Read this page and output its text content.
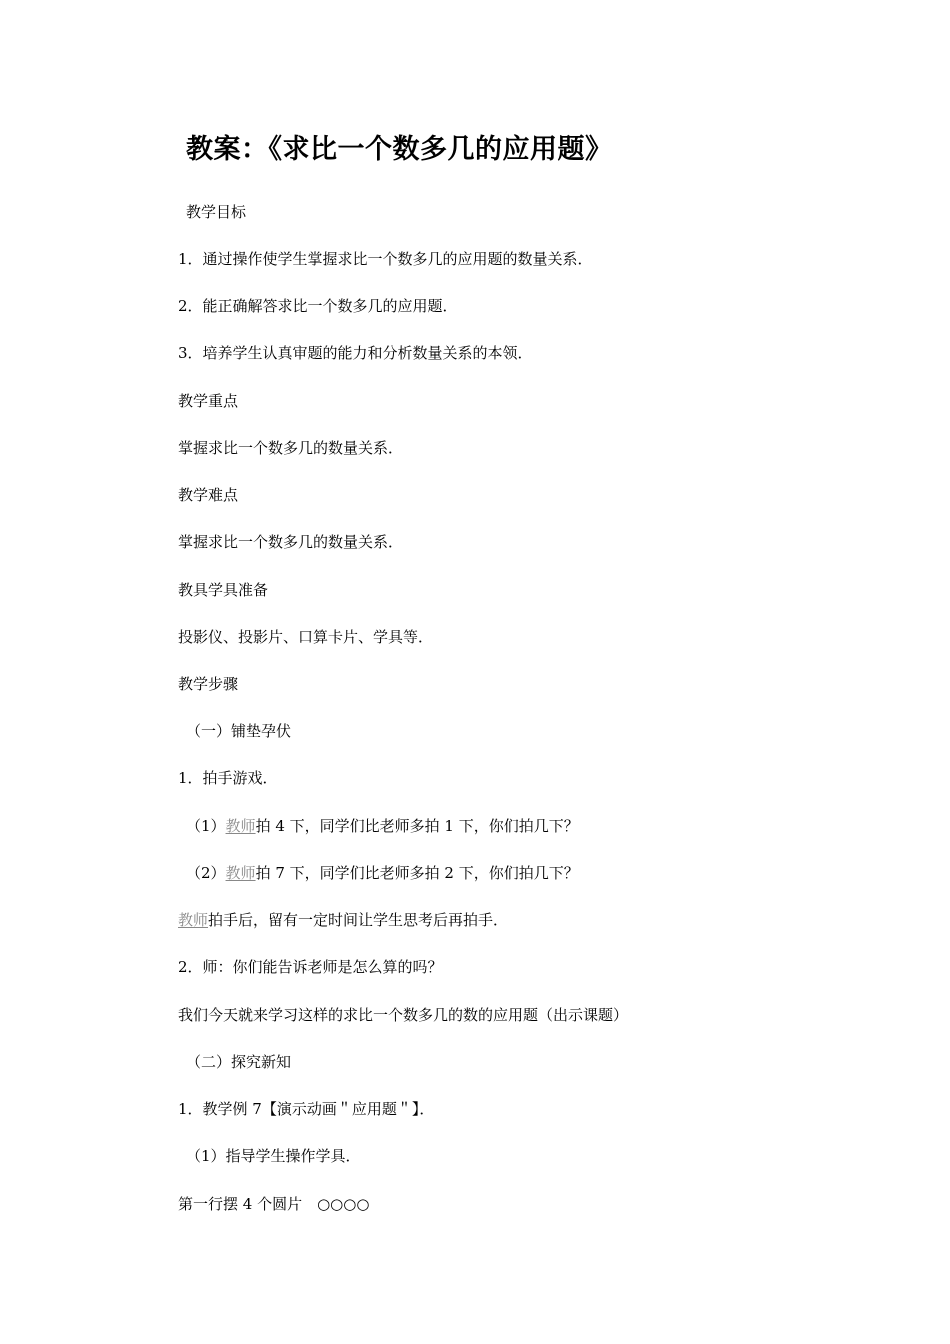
教案：《求比一个数多几的应用题》

教学目标

1．通过操作使学生掌握求比一个数多几的应用题的数量关系．

2．能正确解答求比一个数多几的应用题．

3．培养学生认真审题的能力和分析数量关系的本领．

教学重点

掌握求比一个数多几的数量关系．

教学难点

掌握求比一个数多几的数量关系．

教具学具准备

投影仪、投影片、口算卡片、学具等．

教学步骤

（一）铺垫孕伏

1．拍手游戏．

（1）教师拍 4 下，同学们比老师多拍 1 下，你们拍几下？

（2）教师拍 7 下，同学们比老师多拍 2 下，你们拍几下？

教师拍手后，留有一定时间让学生思考后再拍手．

2．师：你们能告诉老师是怎么算的吗？

我们今天就来学习这样的求比一个数多几的数的应用题（出示课题）

（二）探究新知

1．教学例 7【演示动画＂应用题＂】．

（1）指导学生操作学具．

第一行摆 4 个圆片　○○○○
